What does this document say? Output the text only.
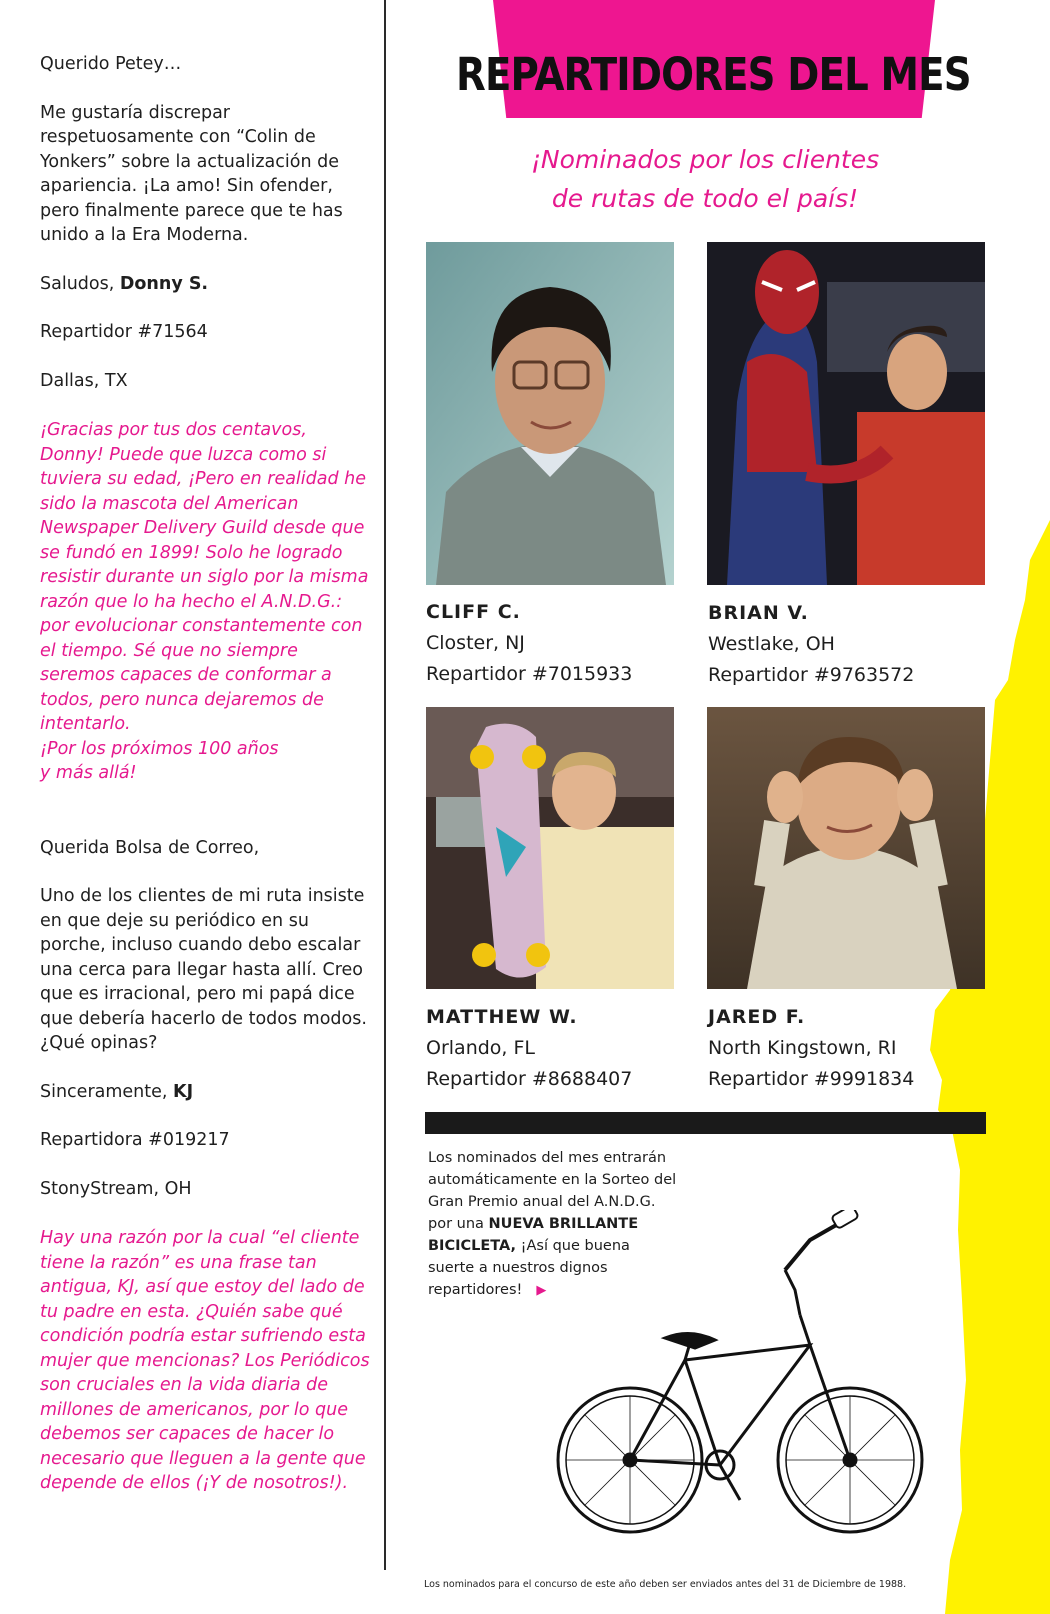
Querido Petey…

Me gustaría discrepar respetuosamente con “Colin de Yonkers” sobre la actualización de apariencia. ¡La amo! Sin ofender, pero finalmente parece que te has unido a la Era Moderna.

Saludos, Donny S.

Repartidor #71564

Dallas, TX

¡Gracias por tus dos centavos, Donny! Puede que luzca como si tuviera su edad, ¡Pero en realidad he sido la mascota del American Newspaper Delivery Guild desde que se fundó en 1899! Solo he logrado resistir durante un siglo por la misma razón que lo ha hecho el A.N.D.G.: por evolucionar constantemente con el tiempo. Sé que no siempre seremos capaces de conformar a todos, pero nunca dejaremos de intentarlo.

¡Por los próximos 100 años

y más allá!

Querida Bolsa de Correo,

Uno de los clientes de mi ruta insiste en que deje su periódico en su porche, incluso cuando debo escalar una cerca para llegar hasta allí. Creo que es irracional, pero mi papá dice que debería hacerlo de todos modos. ¿Qué opinas?

Sinceramente, KJ

Repartidora #019217

StonyStream, OH

Hay una razón por la cual “el cliente tiene la razón” es una frase tan antigua, KJ, así que estoy del lado de tu padre en esta. ¿Quién sabe qué condición podría estar sufriendo esta mujer que mencionas? Los Periódicos son cruciales en la vida diaria de millones de americanos, por lo que debemos ser capaces de hacer lo necesario que lleguen a la gente que depende de ellos (¡Y de nosotros!).

REPARTIDORES DEL MES
¡Nominados por los clientes
de rutas de todo el país!
CLIFF C.
Closter, NJ
Repartidor #7015933
BRIAN V.
Westlake, OH
Repartidor #9763572
MATTHEW W.
Orlando, FL
Repartidor #8688407
JARED F.
North Kingstown, RI
Repartidor #9991834
Los nominados del mes entrarán automáticamente en la Sorteo del Gran Premio anual del A.N.D.G. por una NUEVA BRILLANTE BICICLETA, ¡Así que buena suerte a nuestros dignos repartidores! ▶
Los nominados para el concurso de este año deben ser enviados antes del 31 de Diciembre de 1988.
